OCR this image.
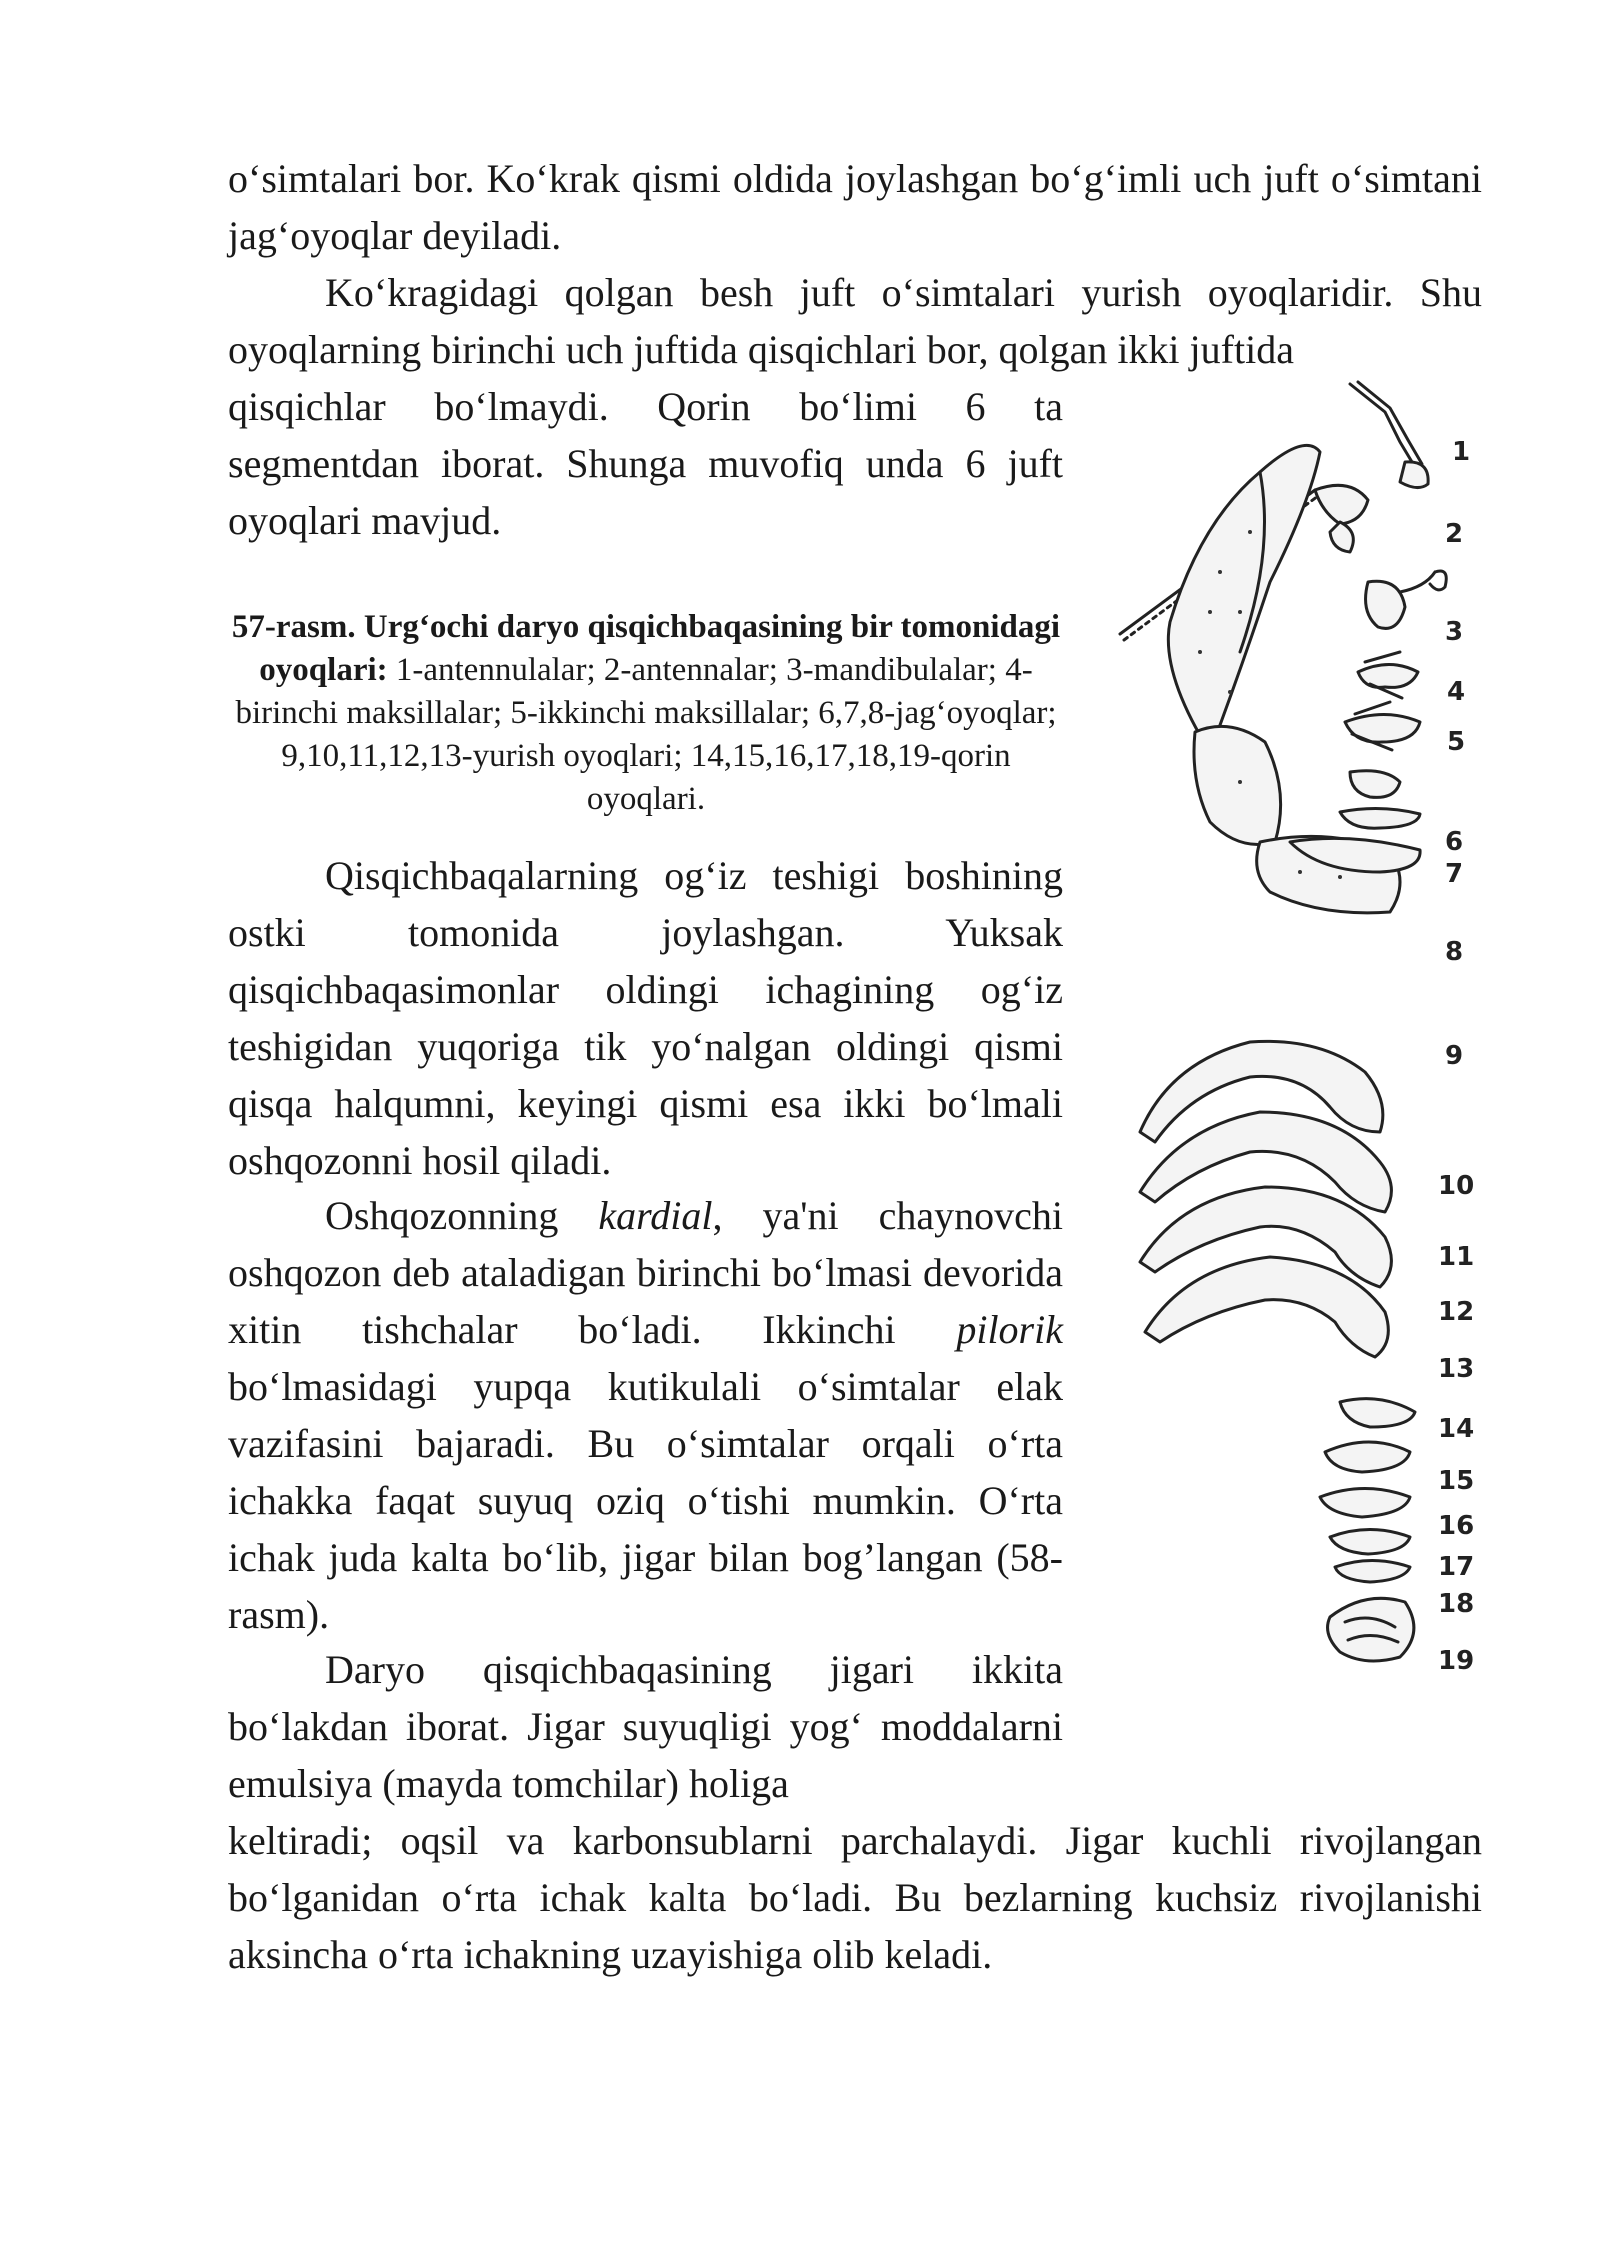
o‘simtalari bor. Ko‘krak qismi oldida joylashgan bo‘g‘imli uch juft o‘simtani jag‘oyoqlar deyiladi.

Ko‘kragidagi qolgan besh juft o‘simtalari yurish oyoqlaridir. Shu oyoqlarning birinchi uch juftida qisqichlari bor, qolgan ikki juftida

qisqichlar bo‘lmaydi. Qorin bo‘limi 6 ta segmentdan iborat. Shunga muvofiq unda 6 juft oyoqlari mavjud.

57-rasm. Urg‘ochi daryo qisqichbaqasining bir tomonidagi oyoqlari: 1-antennulalar; 2-antennalar; 3-mandibulalar; 4-birinchi maksillalar; 5-ikkinchi maksillalar; 6,7,8-jag‘oyoqlar; 9,10,11,12,13-yurish oyoqlari; 14,15,16,17,18,19-qorin oyoqlari.

Qisqichbaqalarning og‘iz teshigi boshining ostki tomonida joylashgan. Yuksak qisqichbaqasimonlar oldingi ichagining og‘iz teshigidan yuqoriga tik yo‘nalgan oldingi qismi qisqa halqumni, keyingi qismi esa ikki bo‘lmali oshqozonni hosil qiladi.

Oshqozonning kardial, ya'ni chaynovchi oshqozon deb ataladigan birinchi bo‘lmasi devorida xitin tishchalar bo‘ladi. Ikkinchi pilorik bo‘lmasidagi yupqa kutikulali o‘simtalar elak vazifasini bajaradi. Bu o‘simtalar orqali o‘rta ichakka faqat suyuq oziq o‘tishi mumkin. O‘rta ichak juda kalta bo‘lib, jigar bilan bog’langan (58-rasm).

Daryo qisqichbaqasining jigari ikkita bo‘lakdan iborat. Jigar suyuqligi yog‘ moddalarni emulsiya (mayda tomchilar) holiga

keltiradi; oqsil va karbonsublarni parchalaydi. Jigar kuchli rivojlangan bo‘lganidan o‘rta ichak kalta bo‘ladi. Bu bezlarning kuchsiz rivojlanishi aksincha o‘rta ichakning uzayishiga olib keladi.

1
2
3
4
5
6
7
8
9
10
11
12
13
14
15
16
17
18
19
